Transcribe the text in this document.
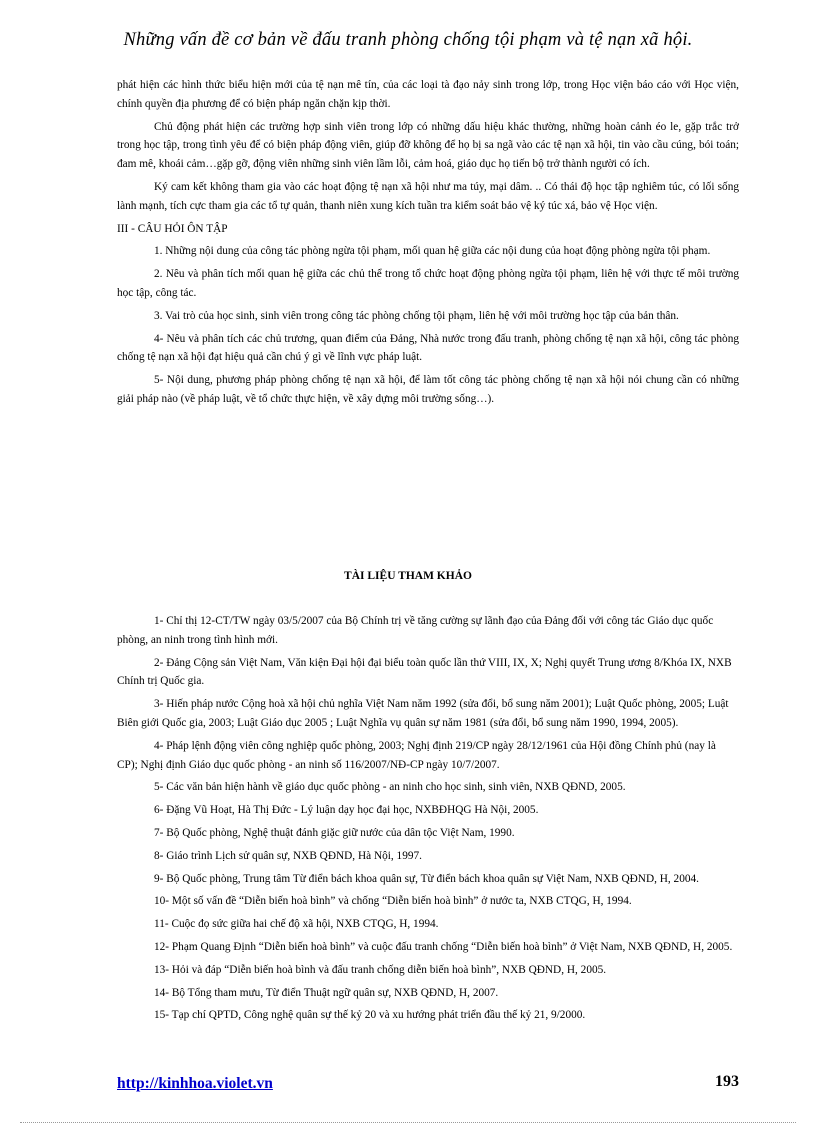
Những vấn đề cơ bản về đấu tranh phòng chống tội phạm và tệ nạn xã hội.

phát hiện các hình thức biểu hiện mới của tệ nạn mê tín, của các loại tà đạo nảy sinh trong lớp, trong Học viện báo cáo với Học viện, chính quyền địa phương để có biện pháp ngăn chặn kịp thời.

Chủ động phát hiện các trường hợp sinh viên trong lớp có những dấu hiệu khác thường, những hoàn cảnh éo le, gặp trắc trở trong học tập, trong tình yêu để có biện pháp động viên, giúp đỡ không để họ bị sa ngã vào các tệ nạn xã hội, tin vào cầu cúng, bói toán; đam mê, khoái cảm…gặp gỡ, động viên những sinh viên lầm lỗi, cảm hoá, giáo dục họ tiến bộ trở thành người có ích.

Ký cam kết không tham gia vào các hoạt động tệ nạn xã hội như ma túy, mại dâm. .. Có thái độ học tập nghiêm túc, có lối sống lành mạnh, tích cực tham gia các tổ tự quản, thanh niên xung kích tuần tra kiểm soát bảo vệ ký túc xá, bảo vệ Học viện.

III - CÂU HỎI ÔN TẬP

1. Những nội dung của công tác phòng ngừa tội phạm, mối quan hệ giữa các nội dung của hoạt động phòng ngừa tội phạm.

2. Nêu và phân tích mối quan hệ giữa các chủ thể trong tổ chức hoạt động phòng ngừa tội phạm, liên hệ với thực tế môi trường học tập, công tác.

3. Vai trò của học sinh, sinh viên trong công tác phòng chống tội phạm, liên hệ với môi trường học tập của bản thân.

4- Nêu và phân tích các chủ trương, quan điểm của Đảng, Nhà nước trong đấu tranh, phòng chống tệ nạn xã hội, công tác phòng chống tệ nạn xã hội đạt hiệu quả cần chú ý gì về lĩnh vực pháp luật.

5- Nội dung, phương pháp phòng chống tệ nạn xã hội, để làm tốt công tác phòng chống tệ nạn xã hội nói chung cần có những giải pháp nào (về pháp luật, về tổ chức thực hiện, về xây dựng môi trường sống…).

TÀI LIỆU THAM KHẢO

1- Chỉ thị 12-CT/TW ngày 03/5/2007 của Bộ Chính trị về tăng cường sự lãnh đạo của Đảng đối với công tác Giáo dục quốc phòng, an ninh trong tình hình mới.

2- Đảng Cộng sản Việt Nam, Văn kiện Đại hội đại biểu toàn quốc lần thứ VIII, IX, X; Nghị quyết Trung ương 8/Khóa IX, NXB Chính trị Quốc gia.

3- Hiến pháp nước Cộng hoà xã hội chủ nghĩa Việt Nam năm 1992 (sửa đổi, bổ sung năm 2001); Luật Quốc phòng, 2005; Luật Biên giới Quốc gia, 2003; Luật Giáo dục 2005 ; Luật Nghĩa vụ quân sự năm 1981 (sửa đổi, bổ sung năm 1990, 1994, 2005).

4- Pháp lệnh động viên công nghiệp quốc phòng, 2003; Nghị định 219/CP ngày 28/12/1961 của Hội đồng Chính phủ (nay là CP); Nghị định Giáo dục quốc phòng - an ninh số 116/2007/NĐ-CP ngày 10/7/2007.

5- Các văn bản hiện hành về giáo dục quốc phòng - an ninh cho học sinh, sinh viên, NXB QĐND, 2005.

6- Đặng Vũ Hoạt, Hà Thị Đức - Lý luận dạy học đại học, NXBĐHQG Hà Nội, 2005.

7- Bộ Quốc phòng, Nghệ thuật đánh giặc giữ nước của dân tộc Việt Nam, 1990.

8- Giáo trình Lịch sử quân sự, NXB QĐND, Hà Nội, 1997.

9- Bộ Quốc phòng, Trung tâm Từ điển bách khoa quân sự, Từ điển bách khoa quân sự Việt Nam, NXB QĐND, H, 2004.

10- Một số vấn đề “Diễn biến hoà bình” và chống “Diễn biến hoà bình” ở nước ta, NXB CTQG, H, 1994.

11- Cuộc đọ sức giữa hai chế độ xã hội, NXB CTQG, H, 1994.

12- Phạm Quang Định “Diễn biến hoà bình” và cuộc đấu tranh chống “Diễn biến hoà bình” ở Việt Nam, NXB QĐND, H, 2005.

13- Hỏi và đáp “Diễn biến hoà bình và đấu tranh chống diễn biến hoà bình”, NXB QĐND, H, 2005.

14- Bộ Tổng tham mưu, Từ điển Thuật ngữ quân sự, NXB QĐND, H, 2007.

15- Tạp chí QPTD, Công nghệ quân sự thế kỷ 20 và xu hướng phát triển đầu thế kỷ 21, 9/2000.

http://kinhhoa.violet.vn	193
